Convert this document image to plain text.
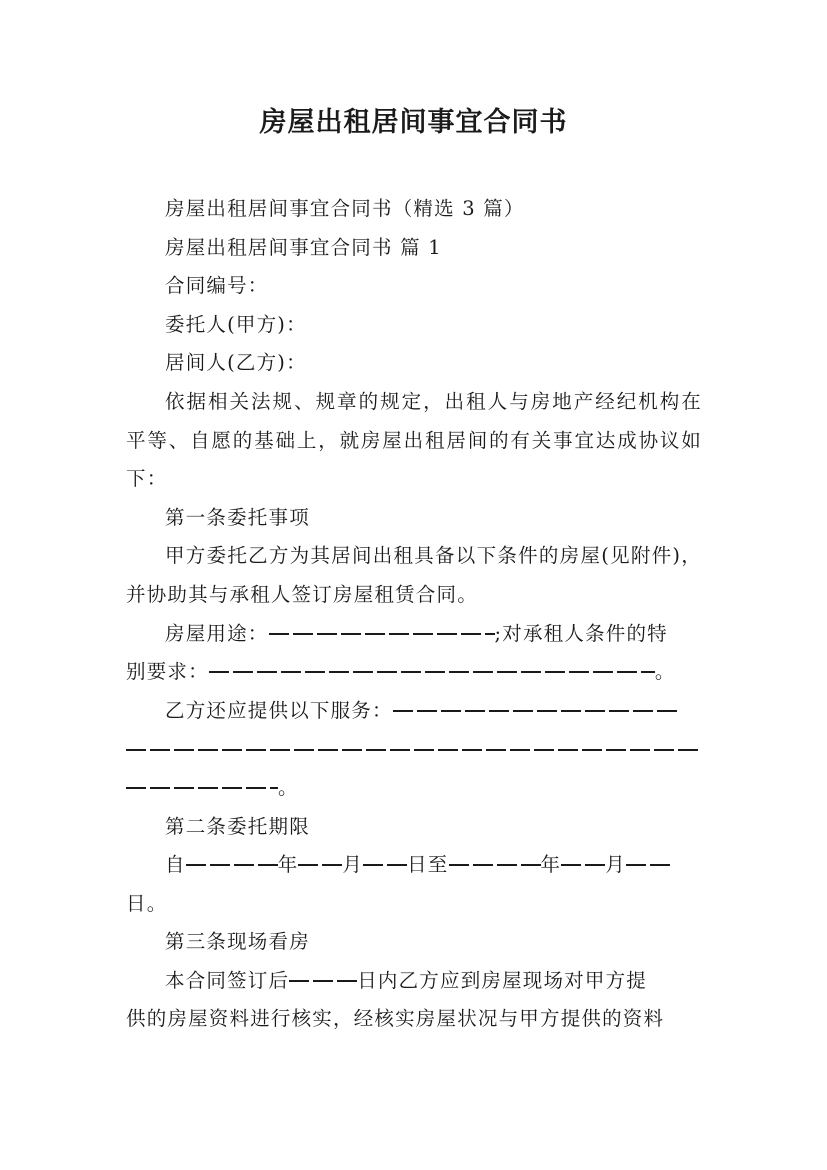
房屋出租居间事宜合同书

房屋出租居间事宜合同书（精选 3 篇）

房屋出租居间事宜合同书 篇 1

合同编号：

委托人(甲方)：

居间人(乙方)：

依据相关法规、规章的规定，出租人与房地产经纪机构在平等、自愿的基础上，就房屋出租居间的有关事宜达成协议如下：

第一条委托事项

甲方委托乙方为其居间出租具备以下条件的房屋(见附件)，并协助其与承租人签订房屋租赁合同。

房屋用途：	;对承租人条件的特
别要求：	。
乙方还应提供以下服务：
。

第二条委托期限

自	年 月 日至	年 月
日。

第三条现场看房

本合同签订后	日内乙方应到房屋现场对甲方提
供的房屋资料进行核实，经核实房屋状况与甲方提供的资料
